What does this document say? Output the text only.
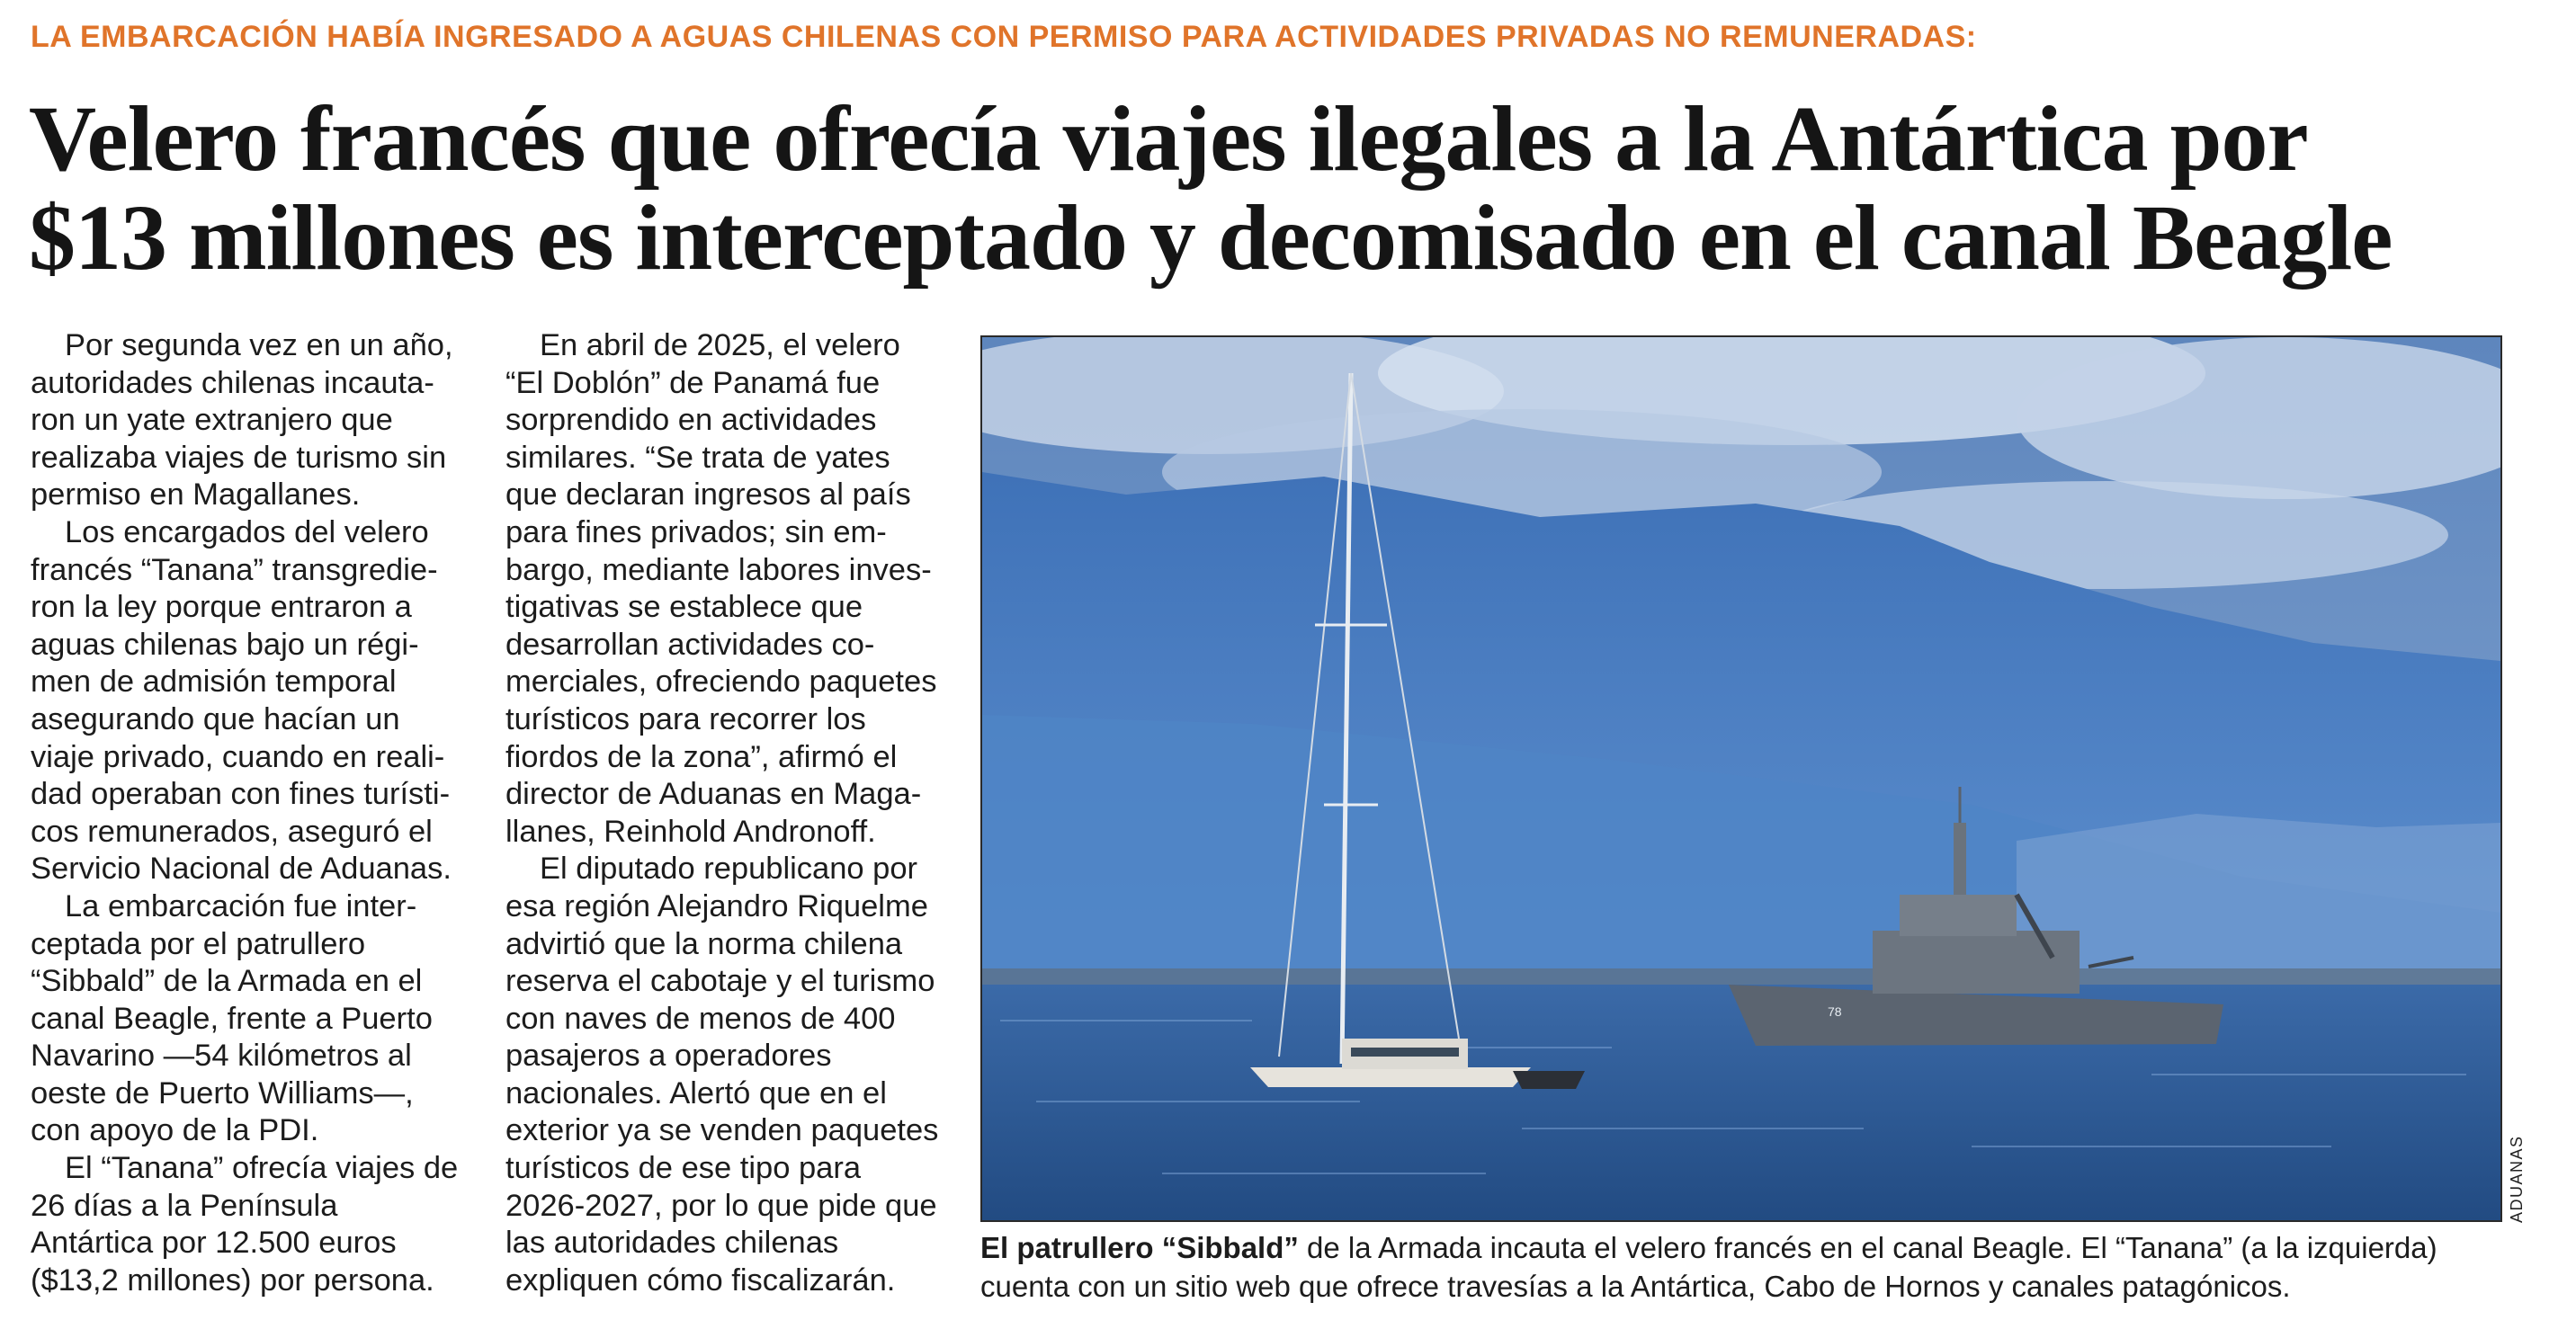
LA EMBARCACIÓN HABÍA INGRESADO A AGUAS CHILENAS CON PERMISO PARA ACTIVIDADES PRIVADAS NO REMUNERADAS:
Velero francés que ofrecía viajes ilegales a la Antártica por
$13 millones es interceptado y decomisado en el canal Beagle

Por segunda vez en un año, autoridades chilenas incautaron un yate extranjero que realizaba viajes de turismo sin permiso en Magallanes.

Los encargados del velero francés “Tanana” transgredieron la ley porque entraron a aguas chilenas bajo un régimen de admisión temporal asegurando que hacían un viaje privado, cuando en realidad operaban con fines turísticos remunerados, aseguró el Servicio Nacional de Aduanas.

La embarcación fue interceptada por el patrullero “Sibbald” de la Armada en el canal Beagle, frente a Puerto Navarino —54 kilómetros al oeste de Puerto Williams—, con apoyo de la PDI.

El “Tanana” ofrecía viajes de 26 días a la Península Antártica por 12.500 euros ($13,2 millones) por persona.

En abril de 2025, el velero “El Doblón” de Panamá fue sorprendido en actividades similares. “Se trata de yates que declaran ingresos al país para fines privados; sin embargo, mediante labores investigativas se establece que desarrollan actividades comerciales, ofreciendo paquetes turísticos para recorrer los fiordos de la zona”, afirmó el director de Aduanas en Magallanes, Reinhold Andronoff.

El diputado republicano por esa región Alejandro Riquelme advirtió que la norma chilena reserva el cabotaje y el turismo con naves de menos de 400 pasajeros a operadores nacionales. Alertó que en el exterior ya se venden paquetes turísticos de ese tipo para 2026-2027, por lo que pide que las autoridades chilenas expliquen cómo fiscalizarán.

78
ADUANAS
El patrullero “Sibbald” de la Armada incauta el velero francés en el canal Beagle. El “Tanana” (a la izquierda) cuenta con un sitio web que ofrece travesías a la Antártica, Cabo de Hornos y canales patagónicos.
